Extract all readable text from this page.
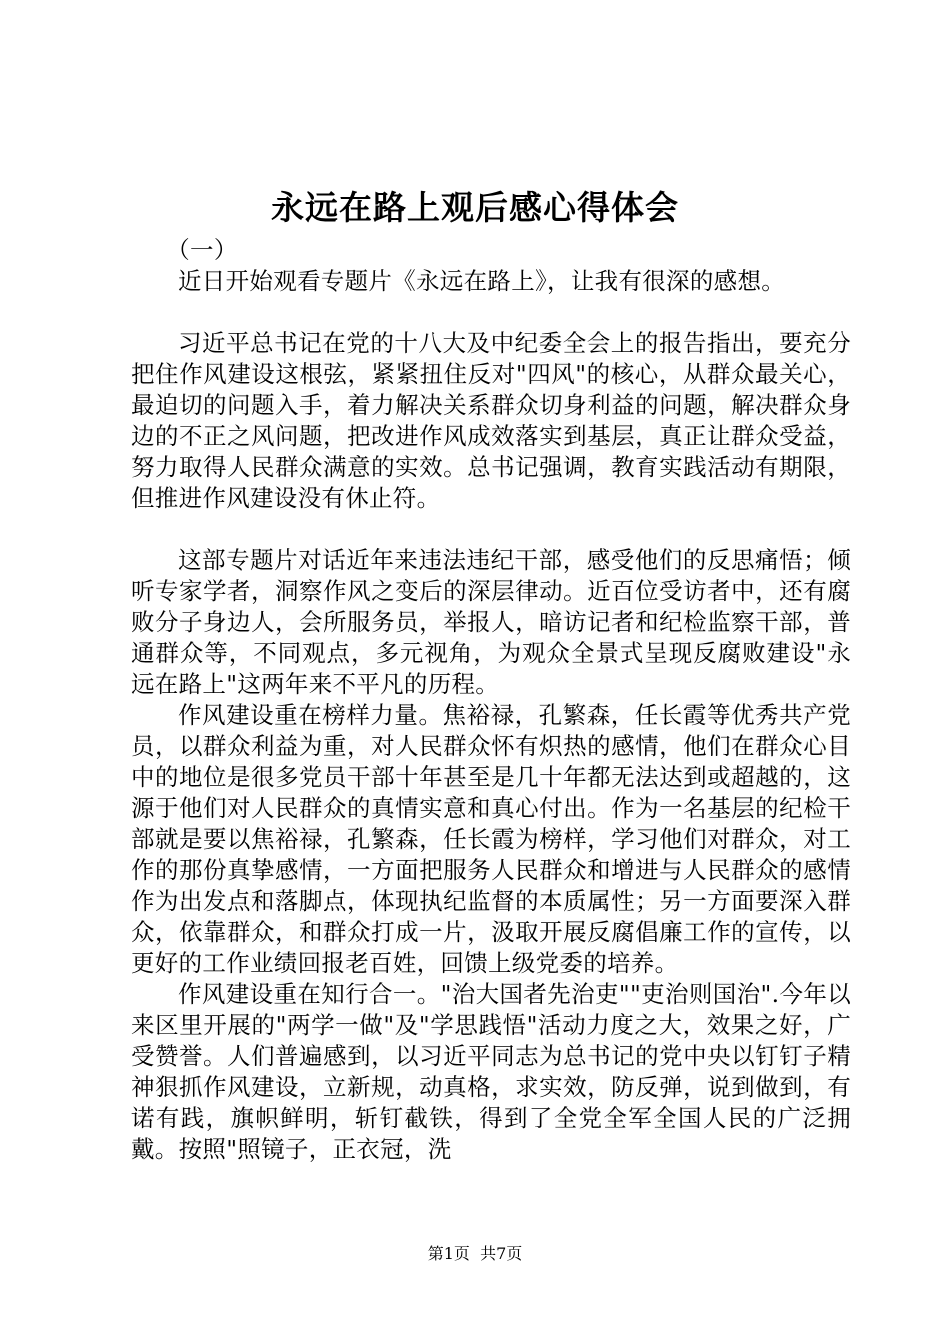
永远在路上观后感心得体会

（一）

近日开始观看专题片《永远在路上》，让我有很深的感想。

习近平总书记在党的十八大及中纪委全会上的报告指出，要充分把住作风建设这根弦，紧紧扭住反对"四风"的核心，从群众最关心，最迫切的问题入手，着力解决关系群众切身利益的问题，解决群众身边的不正之风问题，把改进作风成效落实到基层，真正让群众受益，努力取得人民群众满意的实效。总书记强调，教育实践活动有期限，但推进作风建设没有休止符。

这部专题片对话近年来违法违纪干部，感受他们的反思痛悟；倾听专家学者，洞察作风之变后的深层律动。近百位受访者中，还有腐败分子身边人，会所服务员，举报人，暗访记者和纪检监察干部，普通群众等，不同观点，多元视角，为观众全景式呈现反腐败建设"永远在路上"这两年来不平凡的历程。

作风建设重在榜样力量。焦裕禄，孔繁森，任长霞等优秀共产党员，以群众利益为重，对人民群众怀有炽热的感情，他们在群众心目中的地位是很多党员干部十年甚至是几十年都无法达到或超越的，这源于他们对人民群众的真情实意和真心付出。作为一名基层的纪检干部就是要以焦裕禄，孔繁森，任长霞为榜样，学习他们对群众，对工作的那份真挚感情，一方面把服务人民群众和增进与人民群众的感情作为出发点和落脚点，体现执纪监督的本质属性；另一方面要深入群众，依靠群众，和群众打成一片，汲取开展反腐倡廉工作的宣传，以更好的工作业绩回报老百姓，回馈上级党委的培养。

作风建设重在知行合一。"治大国者先治吏""吏治则国治".今年以来区里开展的"两学一做"及"学思践悟"活动力度之大，效果之好，广受赞誉。人们普遍感到，以习近平同志为总书记的党中央以钉钉子精神狠抓作风建设，立新规，动真格，求实效，防反弹，说到做到，有诺有践，旗帜鲜明，斩钉截铁，得到了全党全军全国人民的广泛拥戴。按照"照镜子，正衣冠，洗

第1页  共7页
